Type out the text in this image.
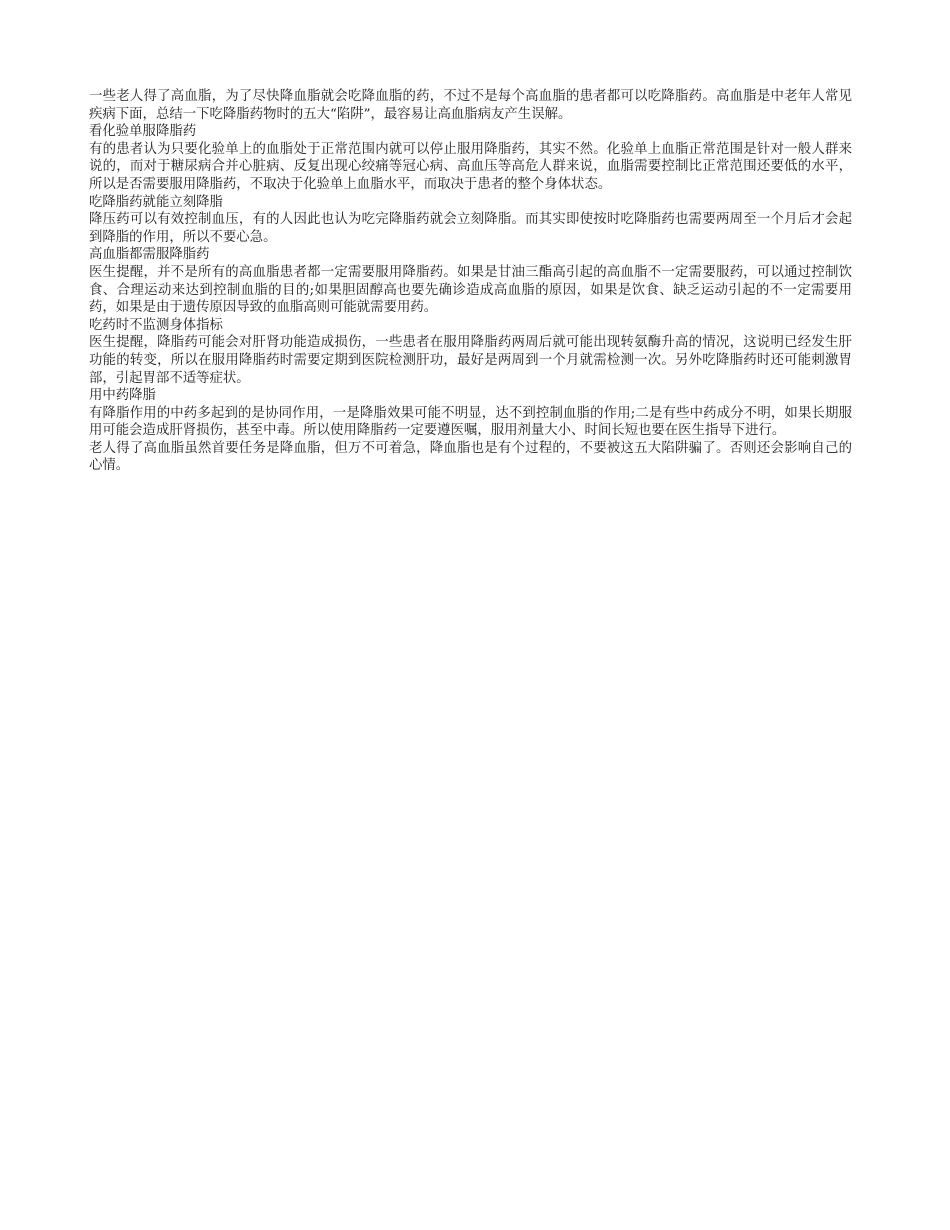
一些老人得了高血脂，为了尽快降血脂就会吃降血脂的药，不过不是每个高血脂的患者都可以吃降脂药。高血脂是中老年人常见疾病下面，总结一下吃降脂药物时的五大“陷阱”，最容易让高血脂病友产生误解。

看化验单服降脂药

有的患者认为只要化验单上的血脂处于正常范围内就可以停止服用降脂药，其实不然。化验单上血脂正常范围是针对一般人群来说的，而对于糖尿病合并心脏病、反复出现心绞痛等冠心病、高血压等高危人群来说，血脂需要控制比正常范围还要低的水平，所以是否需要服用降脂药，不取决于化验单上血脂水平，而取决于患者的整个身体状态。

吃降脂药就能立刻降脂

降压药可以有效控制血压，有的人因此也认为吃完降脂药就会立刻降脂。而其实即使按时吃降脂药也需要两周至一个月后才会起到降脂的作用，所以不要心急。

高血脂都需服降脂药

医生提醒，并不是所有的高血脂患者都一定需要服用降脂药。如果是甘油三酯高引起的高血脂不一定需要服药，可以通过控制饮食、合理运动来达到控制血脂的目的;如果胆固醇高也要先确诊造成高血脂的原因，如果是饮食、缺乏运动引起的不一定需要用药，如果是由于遗传原因导致的血脂高则可能就需要用药。

吃药时不监测身体指标

医生提醒，降脂药可能会对肝肾功能造成损伤，一些患者在服用降脂药两周后就可能出现转氨酶升高的情况，这说明已经发生肝功能的转变，所以在服用降脂药时需要定期到医院检测肝功，最好是两周到一个月就需检测一次。另外吃降脂药时还可能刺激胃部，引起胃部不适等症状。

用中药降脂

有降脂作用的中药多起到的是协同作用，一是降脂效果可能不明显，达不到控制血脂的作用;二是有些中药成分不明，如果长期服用可能会造成肝肾损伤，甚至中毒。所以使用降脂药一定要遵医嘱，服用剂量大小、时间长短也要在医生指导下进行。

老人得了高血脂虽然首要任务是降血脂，但万不可着急，降血脂也是有个过程的，不要被这五大陷阱骗了。否则还会影响自己的心情。
